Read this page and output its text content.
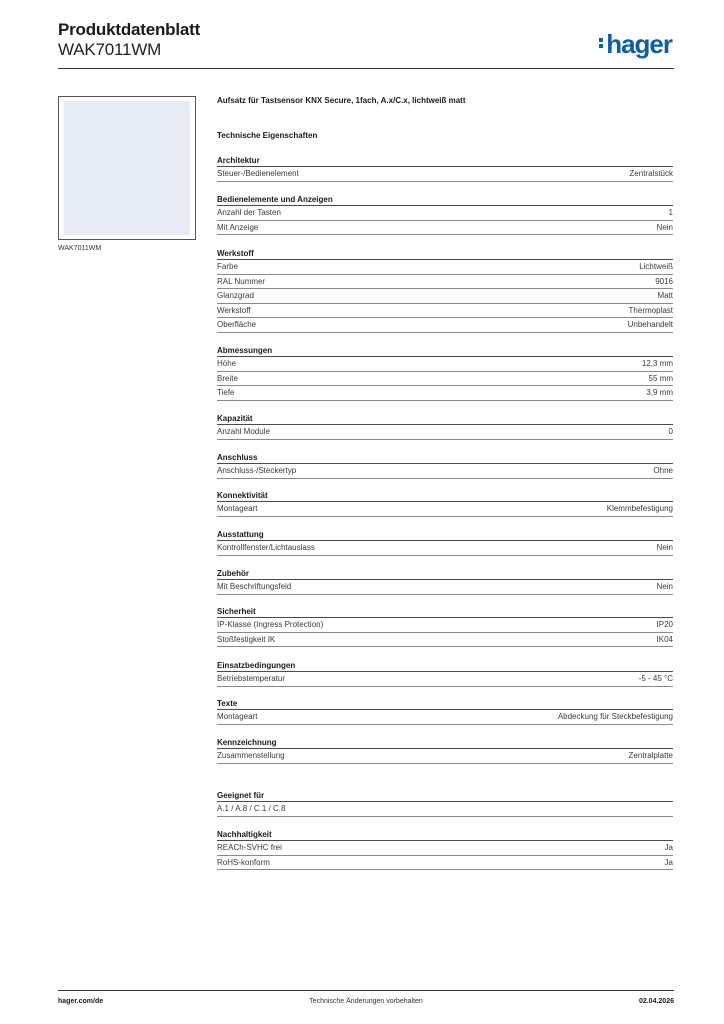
Produktdatenblatt
WAK7011WM	hager
WAK7011WM
Aufsatz für Tastsensor KNX Secure, 1fach, A.x/C.x, lichtweiß matt
Technische Eigenschaften
Architektur
Steuer-/Bedienelement	Zentralstück
Bedienelemente und Anzeigen
Anzahl der Tasten	1
Mit Anzeige	Nein
Werkstoff
Farbe	Lichtweiß
RAL Nummer	9016
Glanzgrad	Matt
Werkstoff	Thermoplast
Oberfläche	Unbehandelt
Abmessungen
Höhe	12,3 mm
Breite	55 mm
Tiefe	3,9 mm
Kapazität
Anzahl Module	0
Anschluss
Anschluss-/Steckertyp	Ohne
Konnektivität
Montageart	Klemmbefestigung
Ausstattung
Kontrollfenster/Lichtauslass	Nein
Zubehör
Mit Beschriftungsfeld	Nein
Sicherheit
IP-Klasse (Ingress Protection)	IP20
Stoßfestigkeit IK	IK04
Einsatzbedingungen
Betriebstemperatur	-5 - 45 °C
Texte
Montageart	Abdeckung für Steckbefestigung
Kennzeichnung
Zusammenstellung	Zentralplatte
Geeignet für
A.1 / A.8 / C.1 / C.8
Nachhaltigkeit
REACh-SVHC frei	Ja
RoHS-konform	Ja
hager.com/de	Technische Änderungen vorbehalten	02.04.2026
